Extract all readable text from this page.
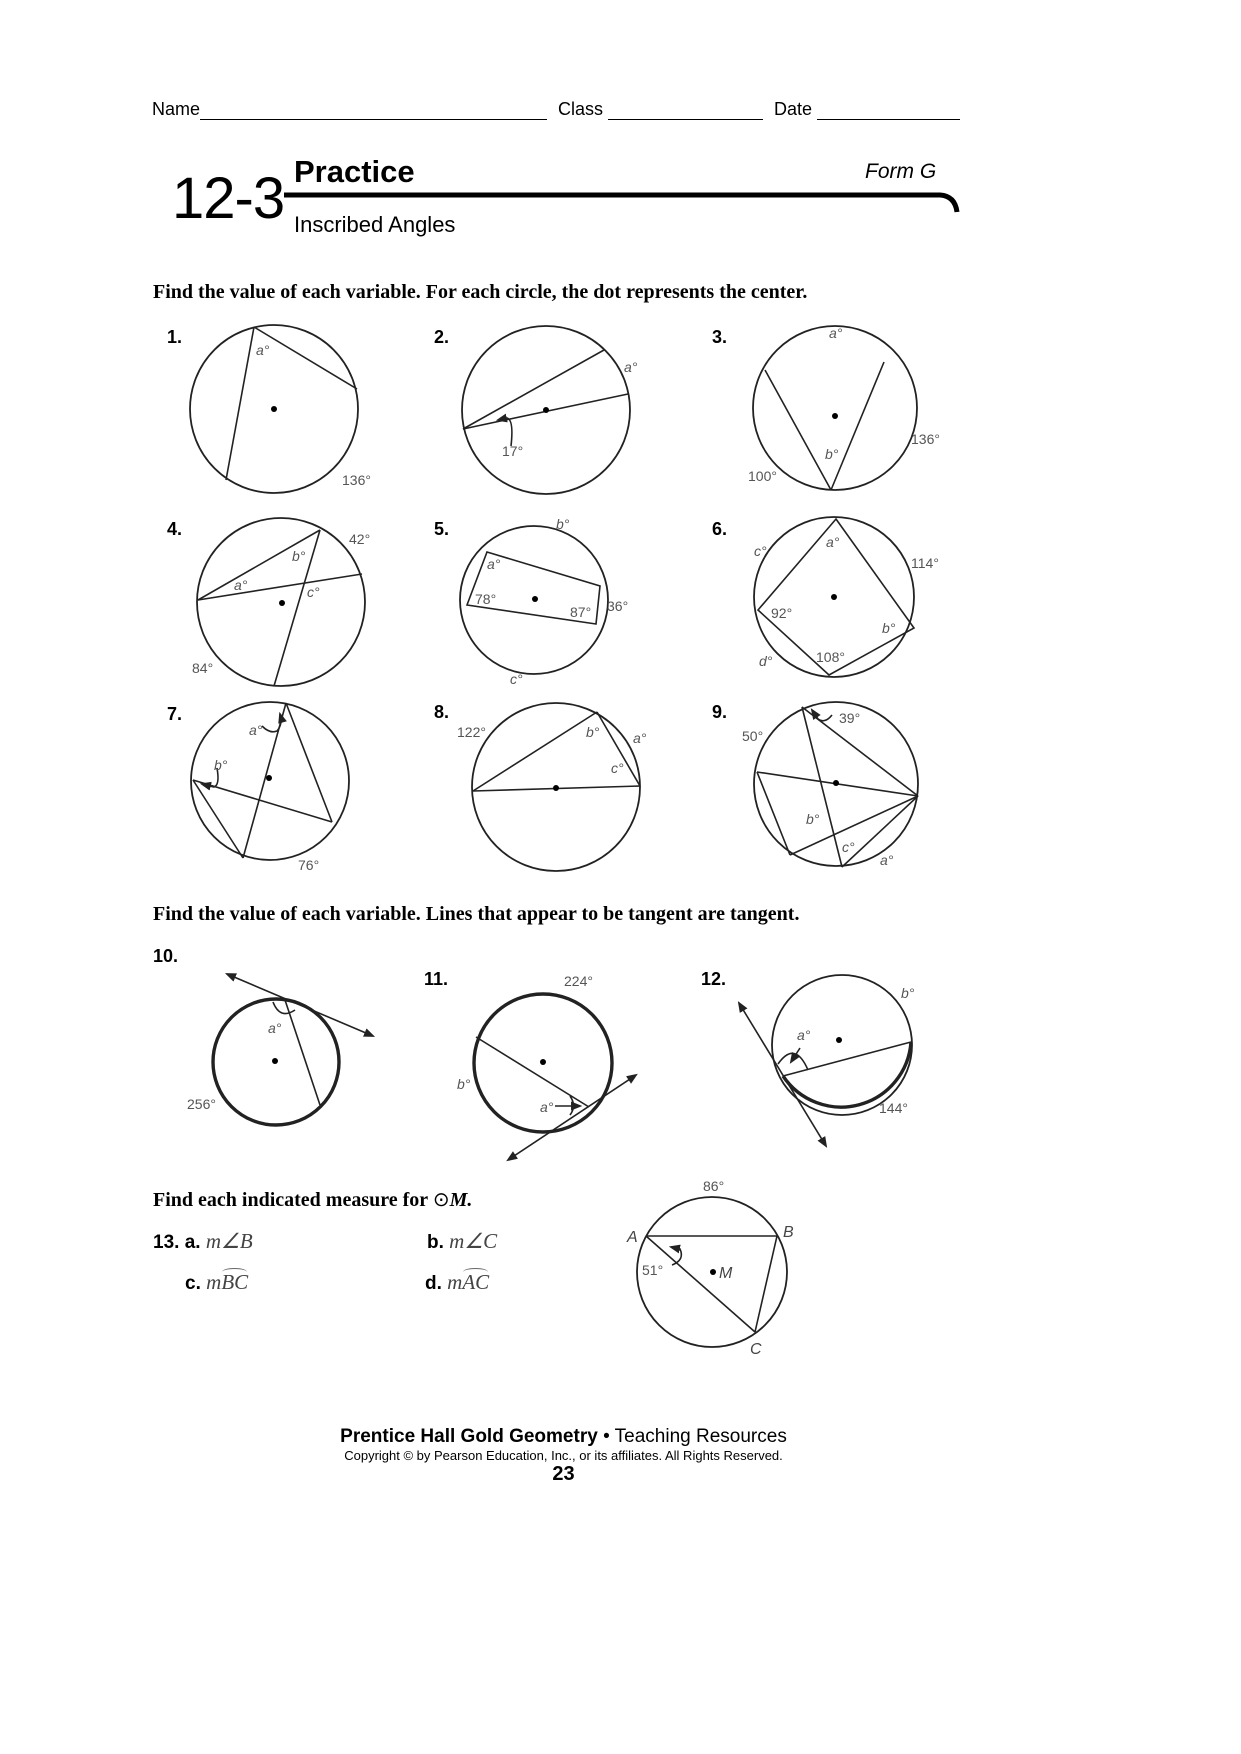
Name	Class	Date
12-3 Practice	Form G
Inscribed Angles
Find the value of each variable. For each circle, the dot represents the center.
1.	2.	3.
4.	5.	6.
7.	8.	9.
Find the value of each variable. Lines that appear to be tangent are tangent.
10.
11.	12.
Find each indicated measure for ⊙M.
13. a. m∠B	b. m∠C
c. mBC	d. mAC
Prentice Hall Gold Geometry • Teaching Resources
Copyright © by Pearson Education, Inc., or its affiliates. All Rights Reserved.
23
a°
136°
a°
17°
a°
b°
136°
100°
a°
b°
c°
42°
84°
a°
b°
c°
78°
87° 36°
a°
b°
c°
d°
92°
114°
108°
a°
b°
76°
b° a°
c°
122°
39°
50°
b°
c°
a°
a°
256°
224°
b°
a°
b°
a°
144°
86°
51°
A	B
C
M
